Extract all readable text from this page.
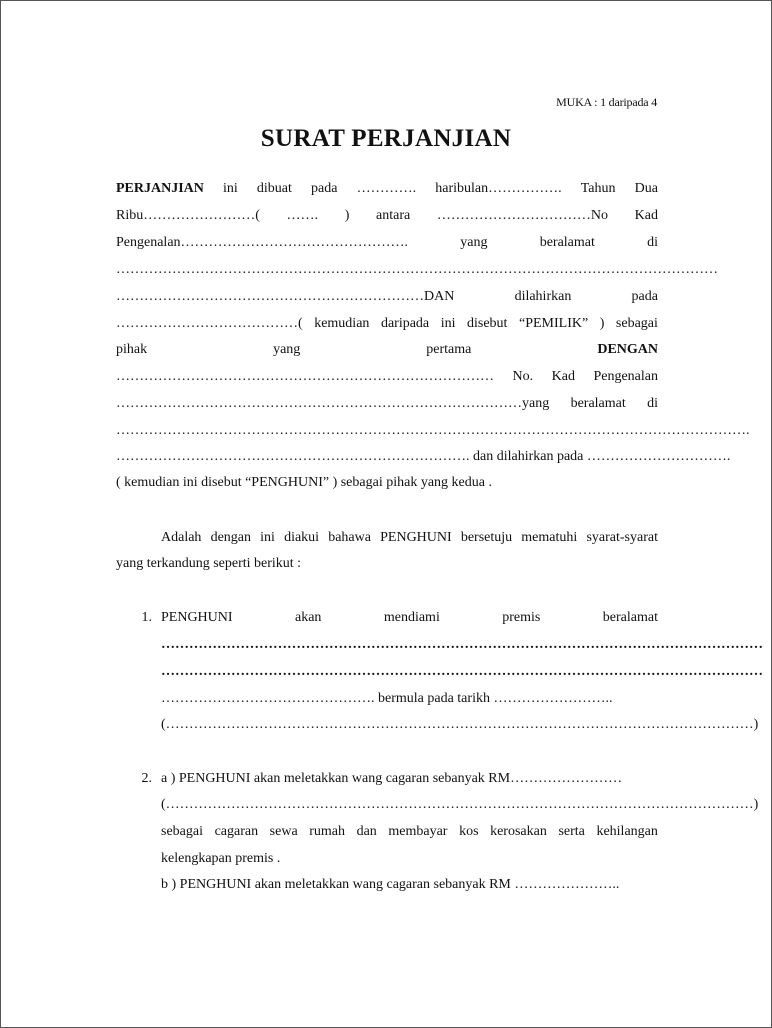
MUKA : 1 daripada 4
SURAT PERJANJIAN
PERJANJIAN ini dibuat pada …………. haribulan……………. Tahun Dua
Ribu……………………( ……. ) antara ……………………………No Kad
Pengenalan………………………………………….	yang	beralamat	di
…………………………………………………………………………………………………………………
…………………………………………………………DAN	dilahirkan	pada
…………………………………( kemudian daripada ini disebut “PEMILIK” ) sebagai
pihak	yang	pertama	DENGAN
……………………………………………………………………… No. Kad Pengenalan
……………………………………………………………………………yang beralamat di
……………………………………………………………………………………………………………………….
…………………………………………………………………. dan dilahirkan pada ………………………….
( kemudian ini disebut “PENGHUNI” ) sebagai pihak yang kedua .
Adalah dengan ini diakui bahawa PENGHUNI bersetuju mematuhi syarat-syarat
yang terkandung seperti berikut :
1. PENGHUNI	akan	mendiami	premis	beralamat
…………………………………………………………………………………………………………………
…………………………………………………………………………………………………………………
………………………………………. bermula pada tarikh ……………………..
(………………………………………………………………………………………………………………)
2. a ) PENGHUNI akan meletakkan wang cagaran sebanyak RM……………………
(………………………………………………………………………………………………………………)
sebagai cagaran sewa rumah dan membayar kos kerosakan serta kehilangan
kelengkapan premis .
b ) PENGHUNI akan meletakkan wang cagaran sebanyak RM …………………..
